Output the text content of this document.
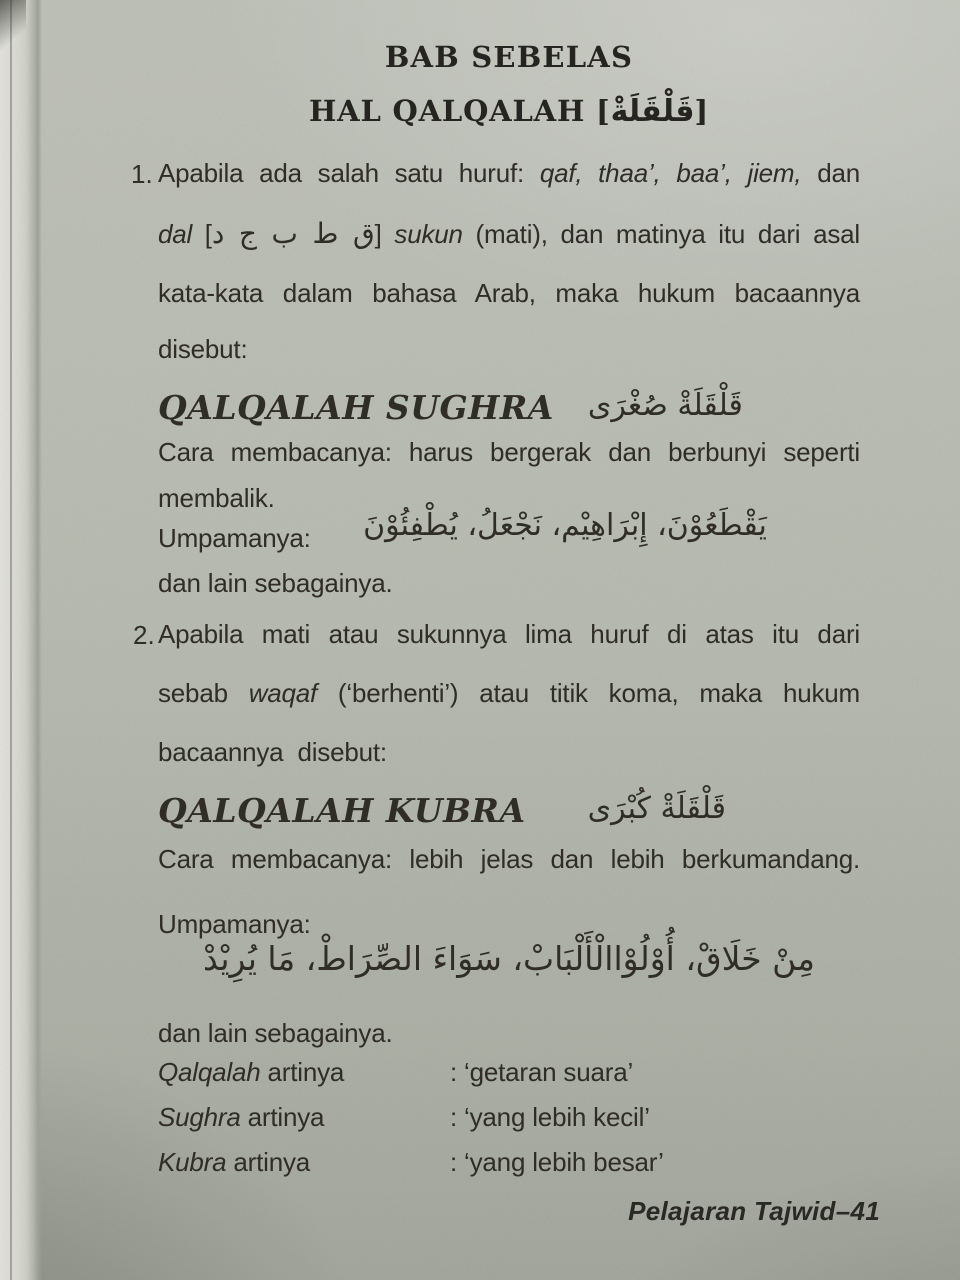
BAB SEBELAS
HAL QALQALAH [قَلْقَلَةْ]
1. Apabila ada salah satu huruf: qaf, thaa’, baa’, jiem, dan
dal [ق ط ب ج د] sukun (mati), dan matinya itu dari asal
kata-kata dalam bahasa Arab, maka hukum bacaannya
disebut:
QALQALAH SUGHRA قَلْقَلَةْ صُغْرَى
Cara membacanya: harus bergerak dan berbunyi seperti
membalik.
Umpamanya:	يَقْطَعُوْنَ، إِبْرَاهِيْم، نَجْعَلُ، يُطْفِئُوْنَ
dan lain sebagainya.
2. Apabila mati atau sukunnya lima huruf di atas itu dari
sebab waqaf (‘berhenti’) atau titik koma, maka hukum
bacaannya  disebut:
QALQALAH KUBRA قَلْقَلَةْ كُبْرَى
Cara membacanya: lebih jelas dan lebih berkumandang.
Umpamanya:
مِنْ خَلَاقْ، أُوْلُوْاالْأَلْبَابْ، سَوَاءَ الصِّرَاطْ، مَا يُرِيْدْ
dan lain sebagainya.
Qalqalah artinya	: ‘getaran suara’
Sughra artinya	: ‘yang lebih kecil’
Kubra artinya	: ‘yang lebih besar’
Pelajaran Tajwid–41
